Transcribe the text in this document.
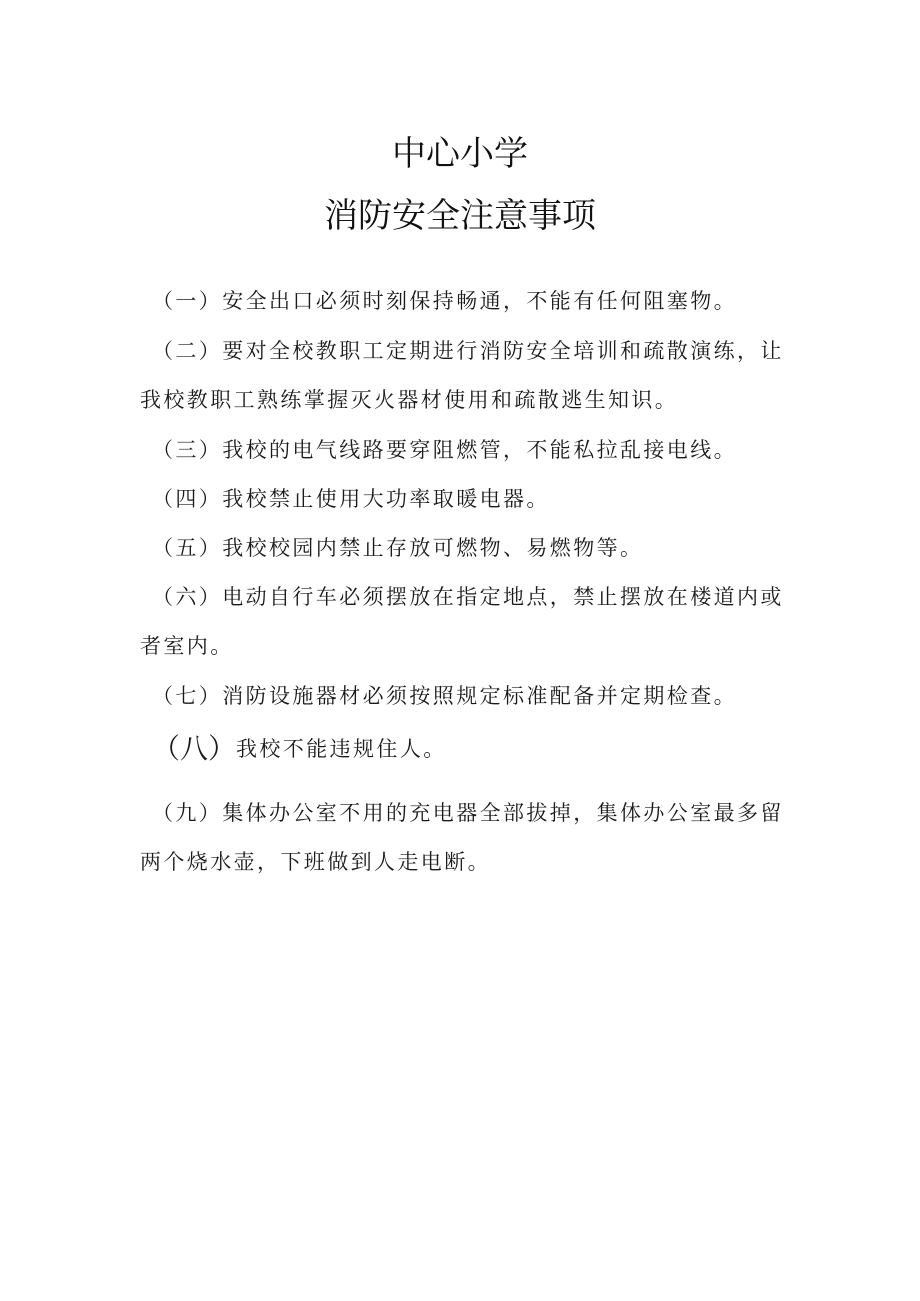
中心小学
消防安全注意事项
（一）安全出口必须时刻保持畅通，不能有任何阻塞物。
（二）要对全校教职工定期进行消防安全培训和疏散演练，让
我校教职工熟练掌握灭火器材使用和疏散逃生知识。
（三）我校的电气线路要穿阻燃管，不能私拉乱接电线。
（四）我校禁止使用大功率取暖电器。
（五）我校校园内禁止存放可燃物、易燃物等。
（六）电动自行车必须摆放在指定地点，禁止摆放在楼道内或
者室内。
（七）消防设施器材必须按照规定标准配备并定期检查。
（八）我校不能违规住人。
（九）集体办公室不用的充电器全部拔掉，集体办公室最多留
两个烧水壶，下班做到人走电断。
